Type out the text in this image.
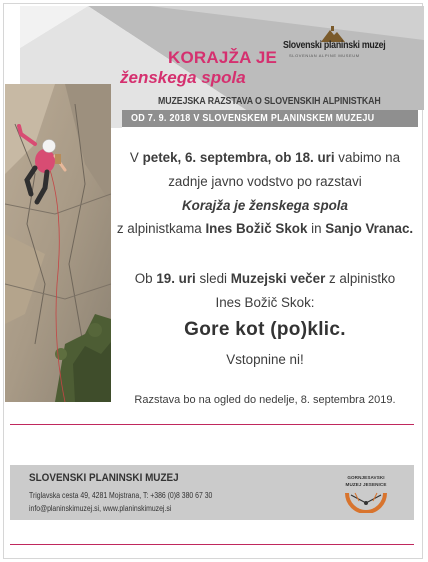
KORAJŽA JE
ženskega spola
MUZEJSKA RAZSTAVA O SLOVENSKIH ALPINISTKAH
OD 7. 9. 2018 V SLOVENSKEM PLANINSKEM MUZEJU
Slovenski planinski muzej
SLOVENIAN ALPINE MUSEUM
V petek, 6. septembra, ob 18. uri vabimo na
zadnje javno vodstvo po razstavi
Korajža je ženskega spola
z alpinistkama Ines Božič Skok in Sanjo Vranac.
Ob 19. uri sledi Muzejski večer z alpinistko
Ines Božič Skok:
Gore kot (po)klic.
Vstopnine ni!
Razstava bo na ogled do nedelje, 8. septembra 2019.
SLOVENSKI PLANINSKI MUZEJ
Triglavska cesta 49, 4281 Mojstrana, T: +386 (0)8 380 67 30
info@planinskimuzej.si, www.planinskimuzej.si
GORNJESAVSKI
MUZEJ JESENICE
